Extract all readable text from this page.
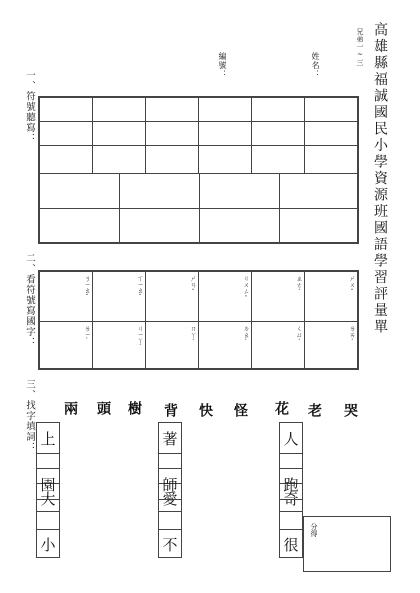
高雄縣福誠國民小學資源班國語學習評量單
兄弟一~三
姓名：
編號：
一、符號聽寫：
二、看符號寫國字：	ㄋㄧㄠˇ	ㄒㄧㄠˇ	ㄕㄢˇ	ㄍㄨㄥˇ	ㄓㄜˊ	ㄕㄨˇ
ㄌㄧˋ	ㄐㄧㄚˊ	ㄇㄚˊ	ㄉㄠˋ	ㄑㄩˊ	ㄌㄞˊ
三、找字填詞： 兩 頭 樹 背 快 怪 花 老 哭
上
大
著
愛
人
奇
園
小
師
不
跑
很
分得
